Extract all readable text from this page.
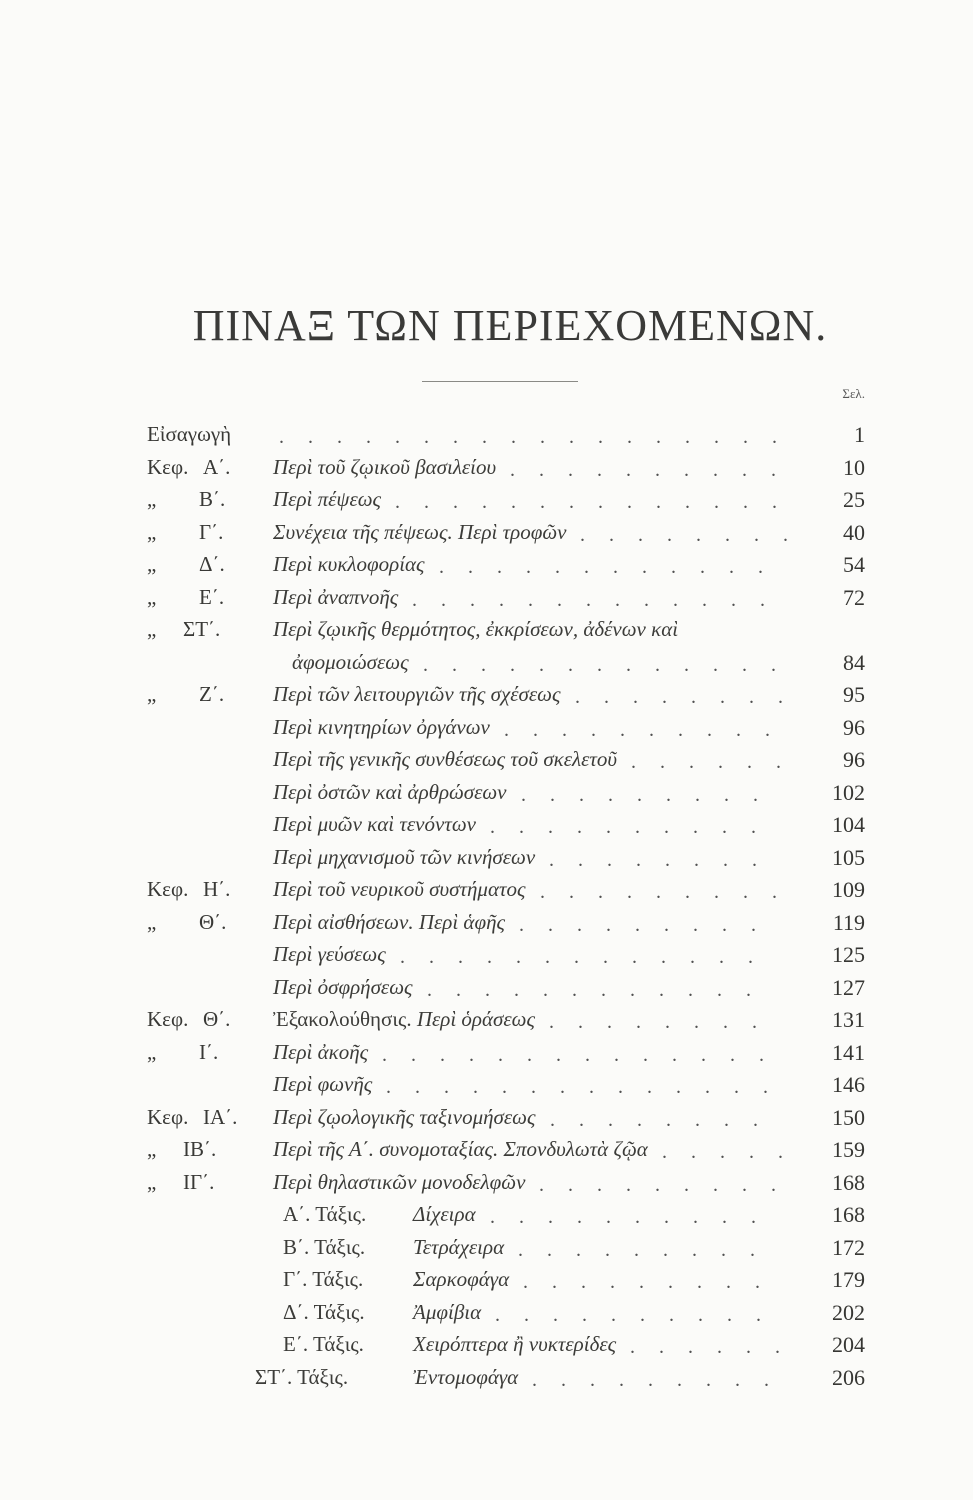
ΠΙΝΑΞ ΤΩΝ ΠΕΡΙΕΧΟΜΕΝΩΝ.
Σελ.
Εἰσαγωγὴ	1
..................
Κεφ. Α΄.	Περὶ τοῦ ζῳικοῦ βασιλείου	10
..........
„ Β΄.	Περὶ πέψεως	25
..............
„ Γ΄.	Συνέχεια τῆς πέψεως. Περὶ τροφῶν	40
........
„ Δ΄.	Περὶ κυκλοφορίας	54
............
„ Ε΄.	Περὶ ἀναπνοῆς	72
.............
„ ΣΤ΄.	Περὶ ζῳικῆς θερμότητος, ἐκκρίσεων, ἀδένων καὶ
ἀφομοιώσεως	84
.............
„ Ζ΄.	Περὶ τῶν λειτουργιῶν τῆς σχέσεως	95
........
Περὶ κινητηρίων ὀργάνων	96
..........
Περὶ τῆς γενικῆς συνθέσεως τοῦ σκελετοῦ	96
......
Περὶ ὀστῶν καὶ ἀρθρώσεων	102
.........
Περὶ μυῶν καὶ τενόντων	104
..........
Περὶ μηχανισμοῦ τῶν κινήσεων	105
........
Κεφ. Η΄.	Περὶ τοῦ νευρικοῦ συστήματος	109
.........
„ Θ΄.	Περὶ αἰσθήσεων. Περὶ ἁφῆς	119
.........
Περὶ γεύσεως	125
.............
Περὶ ὀσφρήσεως	127
............
Κεφ. Θ΄.	Ἐξακολούθησις. Περὶ ὁράσεως	131
........
„ Ι΄.	Περὶ ἀκοῆς	141
..............
Περὶ φωνῆς	146
..............
Κεφ. ΙΑ΄.	Περὶ ζῳολογικῆς ταξινομήσεως	150
........
„ ΙΒ΄.	Περὶ τῆς Α΄. συνομοταξίας. Σπονδυλωτὰ ζῷα	159
.....
„ ΙΓ΄.	Περὶ θηλαστικῶν μονοδελφῶν	168
.........
Α΄. Τάξις. Δίχειρα	168
..........
Β΄. Τάξις. Τετράχειρα	172
.........
Γ΄. Τάξις. Σαρκοφάγα	179
.........
Δ΄. Τάξις. Ἀμφίβια	202
..........
Ε΄. Τάξις. Χειρόπτερα ἢ νυκτερίδες	204
......
ΣΤ΄. Τάξις.	Ἐντομοφάγα	206
.........
